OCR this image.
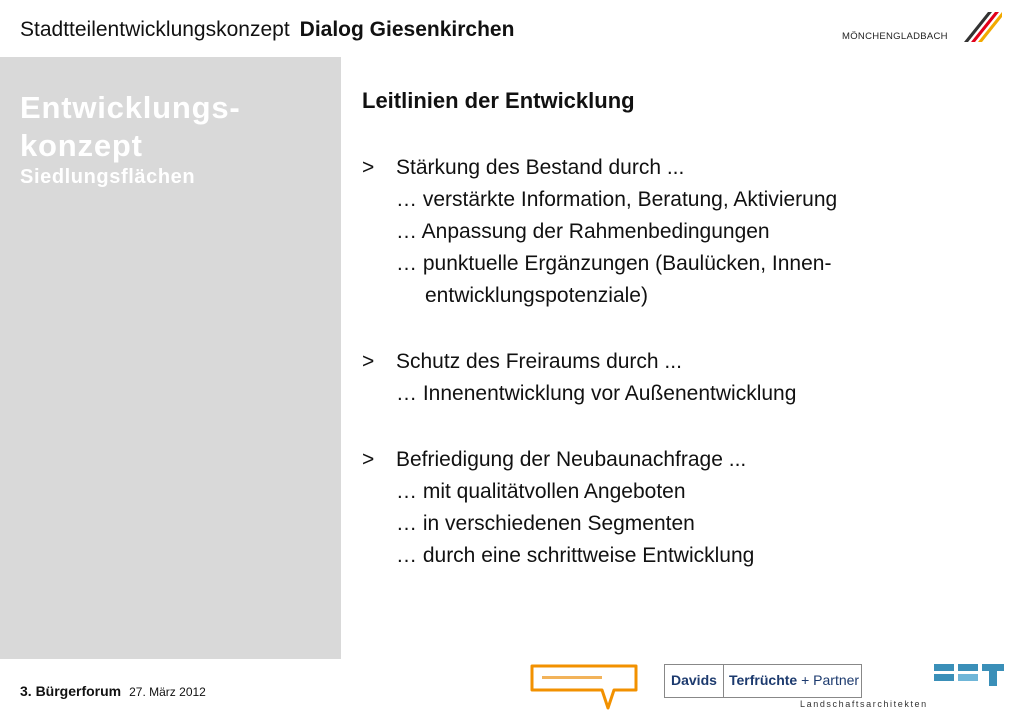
Stadtteilentwicklungskonzept Dialog Giesenkirchen	MÖNCHENGLADBACH
Entwicklungs-
konzept
Siedlungsflächen
Leitlinien der Entwicklung
> Stärkung des Bestand durch ...
… verstärkte Information, Beratung, Aktivierung
… Anpassung der Rahmenbedingungen
… punktuelle Ergänzungen (Baulücken, Innen-
entwicklungspotenziale)
> Schutz des Freiraums durch ...
… Innenentwicklung vor Außenentwicklung
> Befriedigung der Neubaunachfrage ...
… mit qualitätvollen Angeboten
… in verschiedenen Segmenten
… durch eine schrittweise Entwicklung
3. Bürgerforum 27. März 2012
Davids Terfrüchte + Partner
Landschaftsarchitekten
